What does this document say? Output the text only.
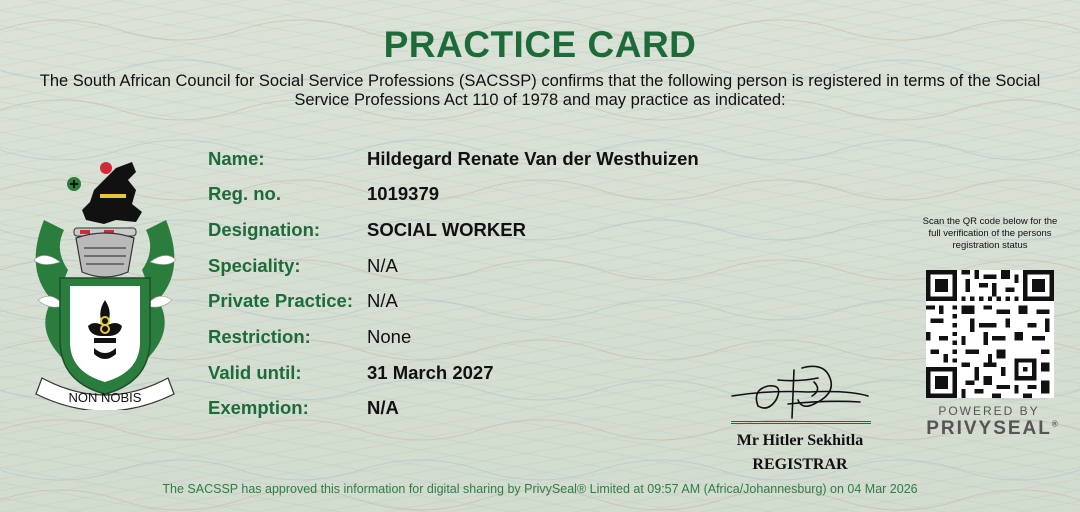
PRACTICE CARD
The South African Council for Social Service Professions (SACSSP) confirms that the following person is registered in terms of the Social Service Professions Act 110 of 1978 and may practice as indicated:
NON NOBIS
Name:	Hildegard Renate Van der Westhuizen
Reg. no.	1019379
Designation:	SOCIAL WORKER
Speciality:	N/A
Private Practice: N/A
Restriction:	None
Valid until:	31 March 2027
Exemption:	N/A
Mr Hitler Sekhitla
REGISTRAR
Scan the QR code below for the full verification of the persons registration status
POWERED BY
PRIVYSEAL®
The SACSSP has approved this information for digital sharing by PrivySeal® Limited at 09:57 AM (Africa/Johannesburg) on 04 Mar 2026
